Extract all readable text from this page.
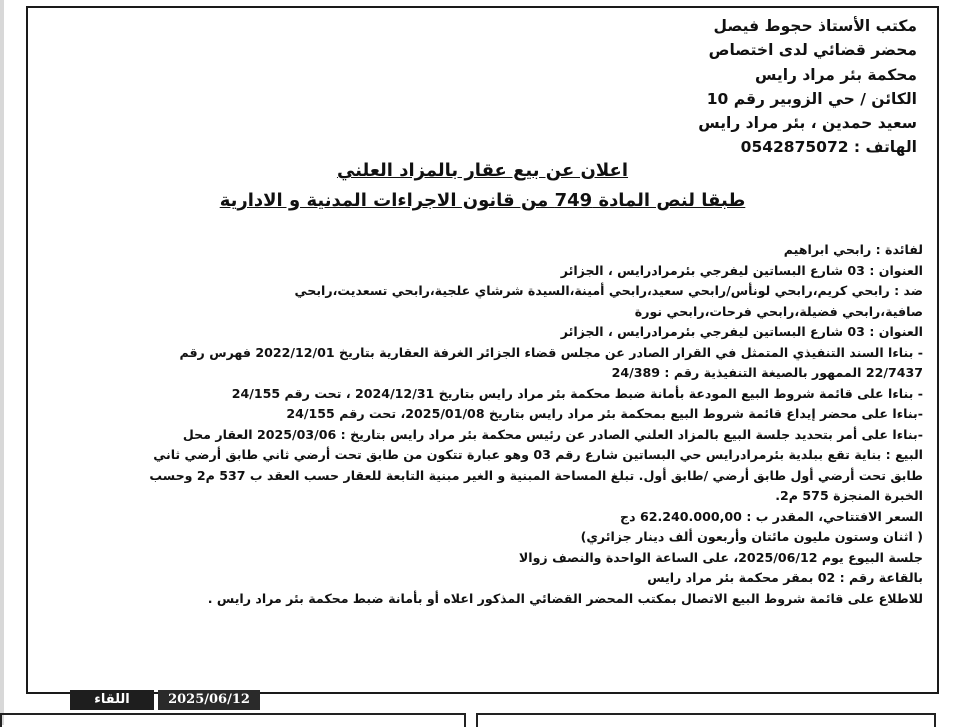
مكتب الأستاذ حجوط فيصل
محضر قضائي لدى اختصاص
محكمة بئر مراد رايس
الكائن / حي الزوبير رقم 10
سعيد حمدين ، بئر مراد رايس
الهاتف : 0542875072
اعلان عن بيع عقار بالمزاد العلني
طبقا لنص المادة 749 من قانون الاجراءات المدنية و الادارية
لفائدة : رابحي ابراهيم
العنوان : 03 شارع البساتين ليفرجي بئرمرادرايس ، الجزائر
ضد : رابحي كريم،رابحي لونأس/رابحي سعيد،رابحي أمينة،السيدة شرشاي علجية،رابحي تسعديت،رابحي
صافية،رابحي فضيلة،رابحي فرحات،رابحي نورة
العنوان : 03 شارع البساتين ليفرجي بئرمرادرايس ، الجزائر
- بناءا السند التنفيذي المتمثل في القرار الصادر عن مجلس قضاء الجزائر الغرفة العقارية بتاريخ 2022/12/01 فهرس رقم
22/7437 الممهور بالصيغة التنفيذية رقم : 24/389
- بناءا على قائمة شروط البيع المودعة بأمانة ضبط محكمة بئر مراد رايس بتاريخ 2024/12/31 ، تحت رقم 24/155
-بناءا على محضر إيداع قائمة شروط البيع بمحكمة بئر مراد رايس بتاريخ 2025/01/08، تحت رقم 24/155
-بناءا على أمر بتحديد جلسة البيع بالمزاد العلني الصادر عن رئيس محكمة بئر مراد رايس بتاريخ : 2025/03/06 العقار محل
البيع : بناية تقع ببلدية بئرمرادرايس حي البساتين شارع رقم 03 وهو عبارة تتكون من طابق تحت أرضي ثاني طابق أرضي ثاني
طابق تحت أرضي أول طابق أرضي /طابق أول. تبلغ المساحة المبنية و الغير مبنية التابعة للعقار حسب العقد ب 537 م2 وحسب
الخبرة المنجزة 575 م2.
السعر الافتتاحي، المقدر ب : 62.240.000,00 دج
( اثنان وستون مليون مائتان وأربعون ألف دينار جزائري)
جلسة البيوع يوم 2025/06/12، على الساعة الواحدة والنصف زوالا
بالقاعة رقم : 02 بمقر محكمة بئر مراد رايس
للاطلاع على قائمة شروط البيع الاتصال بمكتب المحضر القضائي المذكور اعلاه أو بأمانة ضبط محكمة بئر مراد رايس .
اللقاء	2025/06/12
